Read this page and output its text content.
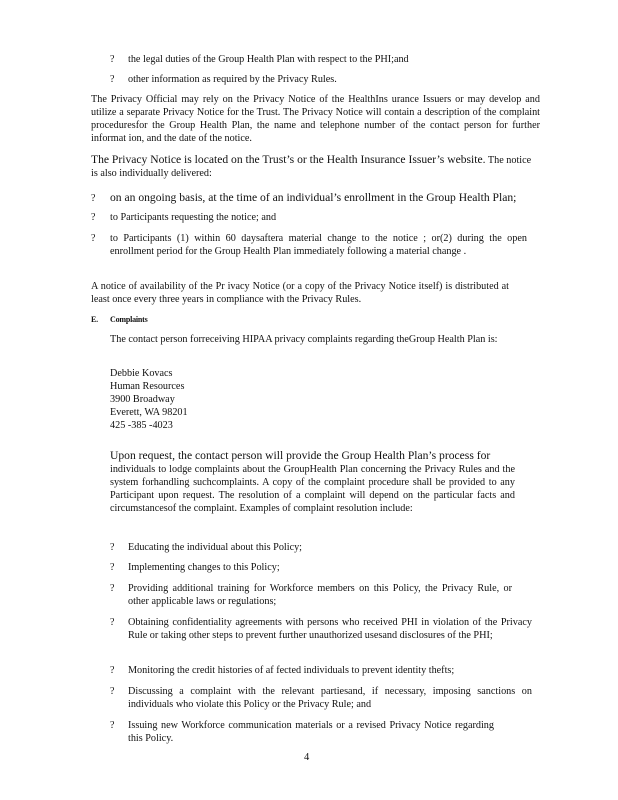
? the legal duties of the Group Health Plan with respect to the PHI;and

? other information as required by the Privacy Rules.

The Privacy Official may rely on the Privacy Notice of the HealthIns urance Issuers or may develop and utilize a separate Privacy Notice for the Trust. The Privacy Notice will contain a description of the complaint proceduresfor the Group Health Plan, the name and telephone number of the contact person for further informat ion, and the date of the notice.

The Privacy Notice is located on the Trust’s or the Health Insurance Issuer’s website. The notice is also individually delivered:

? on an ongoing basis, at the time of an individual’s enrollment in the Group Health Plan;

? to Participants requesting the notice; and

? to Participants (1) within 60 daysaftera material change to the notice ; or(2) during the open enrollment period for the Group Health Plan immediately following a material change .

A notice of availability of the Pr ivacy Notice (or a copy of the Privacy Notice itself) is distributed at least once every three years in compliance with the Privacy Rules.

E. Complaints

The contact person forreceiving HIPAA privacy complaints regarding theGroup Health Plan is:

Debbie Kovacs
Human Resources
3900 Broadway
Everett, WA 98201
425 -385 -4023

Upon request, the contact person will provide the Group Health Plan’s process for

individuals to lodge complaints about the GroupHealth Plan concerning the Privacy Rules and the system forhandling suchcomplaints. A copy of the complaint procedure shall be provided to any Participant upon request. The resolution of a complaint will depend on the particular facts and circumstancesof the complaint. Examples of complaint resolution include:

? Educating the individual about this Policy;

? Implementing changes to this Policy;

? Providing additional training for Workforce members on this Policy, the Privacy Rule, or other applicable laws or regulations;

? Obtaining confidentiality agreements with persons who received PHI in violation of the Privacy Rule or taking other steps to prevent further unauthorized usesand disclosures of the PHI;

? Monitoring the credit histories of af fected individuals to prevent identity thefts;

? Discussing a complaint with the relevant partiesand, if necessary, imposing sanctions on individuals who violate this Policy or the Privacy Rule; and

? Issuing new Workforce communication materials or a revised Privacy Notice regarding this Policy.

4
